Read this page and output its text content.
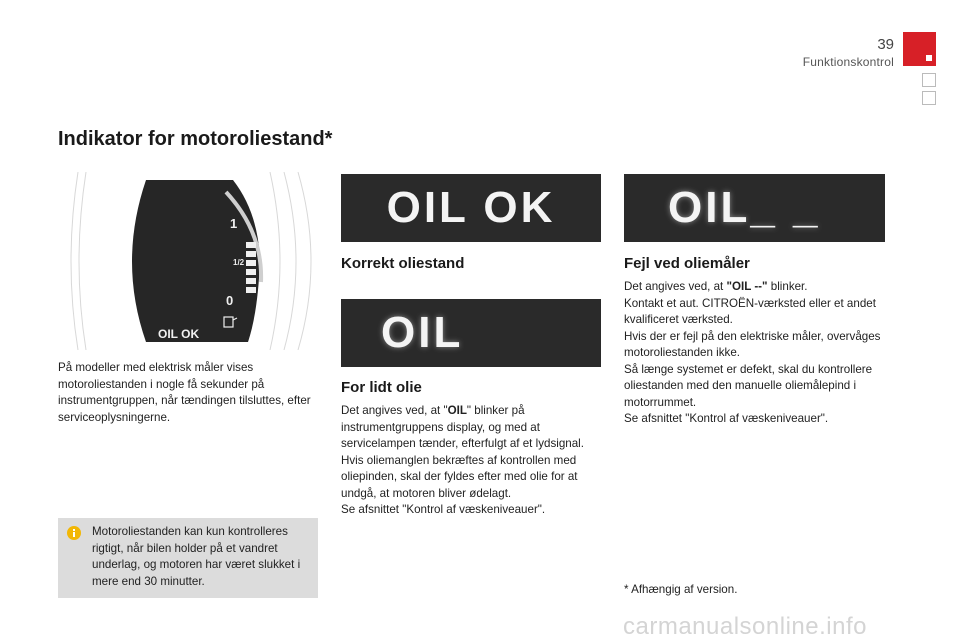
39
Funktionskontrol
Indikator for motoroliestand*
1
1/2
0
OIL OK
På modeller med elektrisk måler vises motoroliestanden i nogle få sekunder på instrumentgruppen, når tændingen tilsluttes, efter serviceoplysningerne.
Motoroliestanden kan kun kontrolleres rigtigt, når bilen holder på et vandret underlag, og motoren har været slukket i mere end 30 minutter.
OIL OK
Korrekt oliestand
OIL
For lidt olie
Det angives ved, at "OIL" blinker på instrumentgruppens display, og med at servicelampen tænder, efterfulgt af et lydsignal.
Hvis oliemanglen bekræftes af kontrollen med oliepinden, skal der fyldes efter med olie for at undgå, at motoren bliver ødelagt.
Se afsnittet "Kontrol af væskeniveauer".
OIL_ _
Fejl ved oliemåler
Det angives ved, at "OIL --" blinker.
Kontakt et aut. CITROËN-værksted eller et andet kvalificeret værksted.
Hvis der er fejl på den elektriske måler, overvåges motoroliestanden ikke.
Så længe systemet er defekt, skal du kontrollere oliestanden med den manuelle oliemålepind i motorrummet.
Se afsnittet "Kontrol af væskeniveauer".
* Afhængig af version.
carmanualsonline.info
